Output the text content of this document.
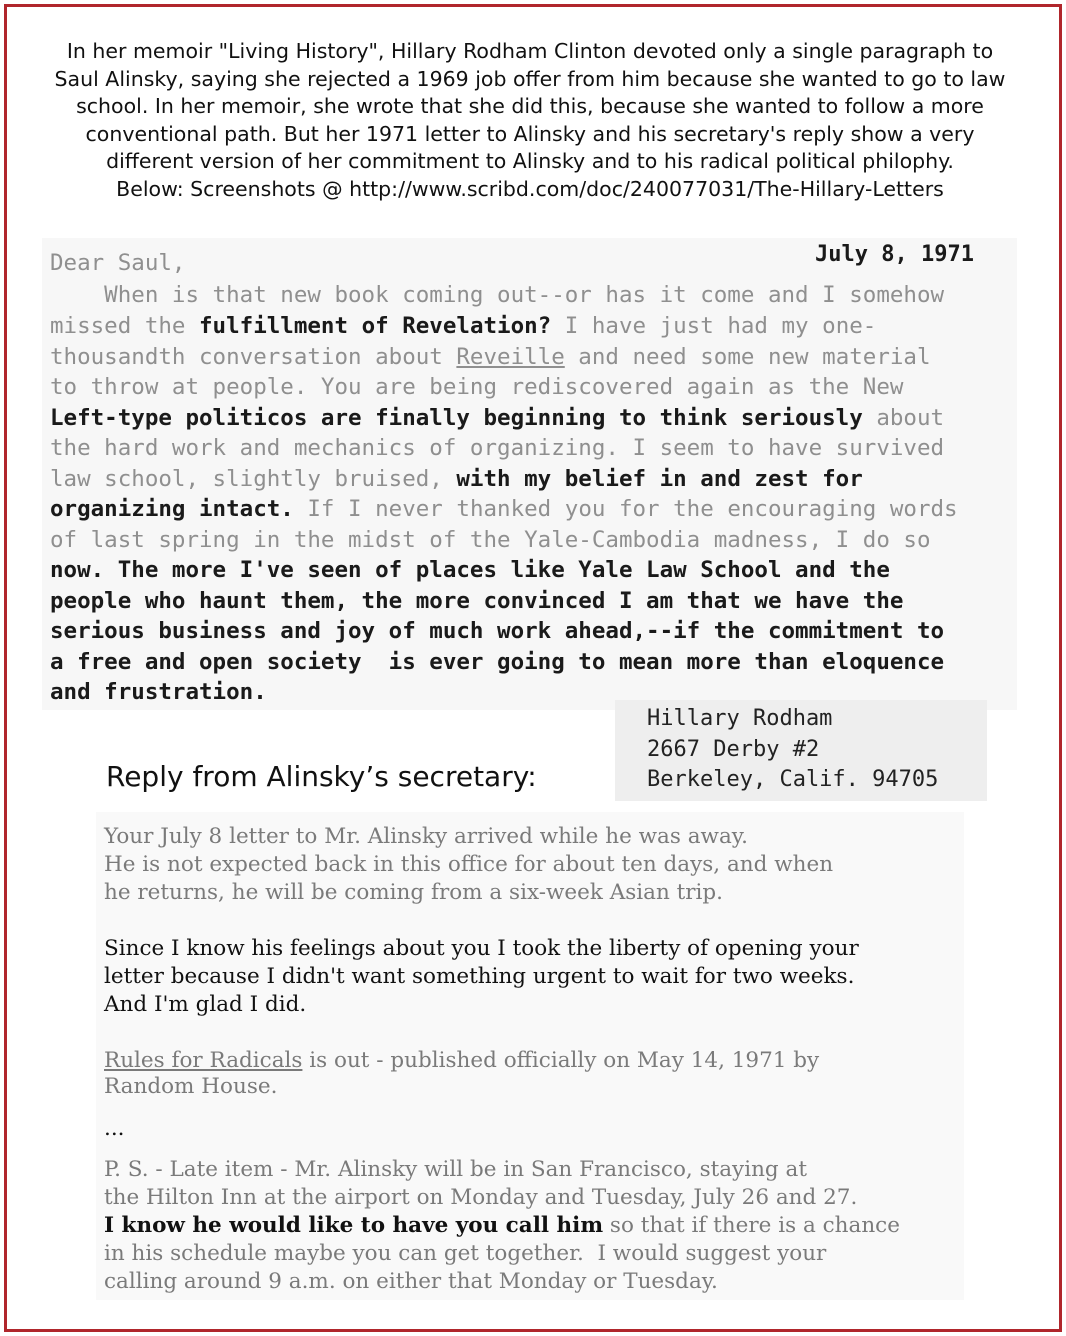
In her memoir "Living History", Hillary Rodham Clinton devoted only a single paragraph to
Saul Alinsky, saying she rejected a 1969 job offer from him because she wanted to go to law
school. In her memoir, she wrote that she did this, because she wanted to follow a more
conventional path. But her 1971 letter to Alinsky and his secretary's reply show a very
different version of her commitment to Alinsky and to his radical political philophy.
Below: Screenshots @ http://www.scribd.com/doc/240077031/The-Hillary-Letters
July 8, 1971
Dear Saul,
When is that new book coming out--or has it come and I somehow
missed the fulfillment of Revelation? I have just had my one-
thousandth conversation about Reveille and need some new material
to throw at people. You are being rediscovered again as the New
Left-type politicos are finally beginning to think seriously about
the hard work and mechanics of organizing. I seem to have survived
law school, slightly bruised, with my belief in and zest for
organizing intact. If I never thanked you for the encouraging words
of last spring in the midst of the Yale-Cambodia madness, I do so
now. The more I've seen of places like Yale Law School and the
people who haunt them, the more convinced I am that we have the
serious business and joy of much work ahead,--if the commitment to
a free and open society  is ever going to mean more than eloquence
and frustration.
Hillary Rodham
2667 Derby #2
Berkeley, Calif. 94705
Reply from Alinsky’s secretary:
Your July 8 letter to Mr. Alinsky arrived while he was away.
He is not expected back in this office for about ten days, and when
he returns, he will be coming from a six-week Asian trip.
Since I know his feelings about you I took the liberty of opening your
letter because I didn't want something urgent to wait for two weeks.
And I'm glad I did.
Rules for Radicals is out - published officially on May 14, 1971 by
Random House.
...
P. S. - Late item - Mr. Alinsky will be in San Francisco, staying at
the Hilton Inn at the airport on Monday and Tuesday, July 26 and 27.
I know he would like to have you call him so that if there is a chance
in his schedule maybe you can get together.  I would suggest your
calling around 9 a.m. on either that Monday or Tuesday.
